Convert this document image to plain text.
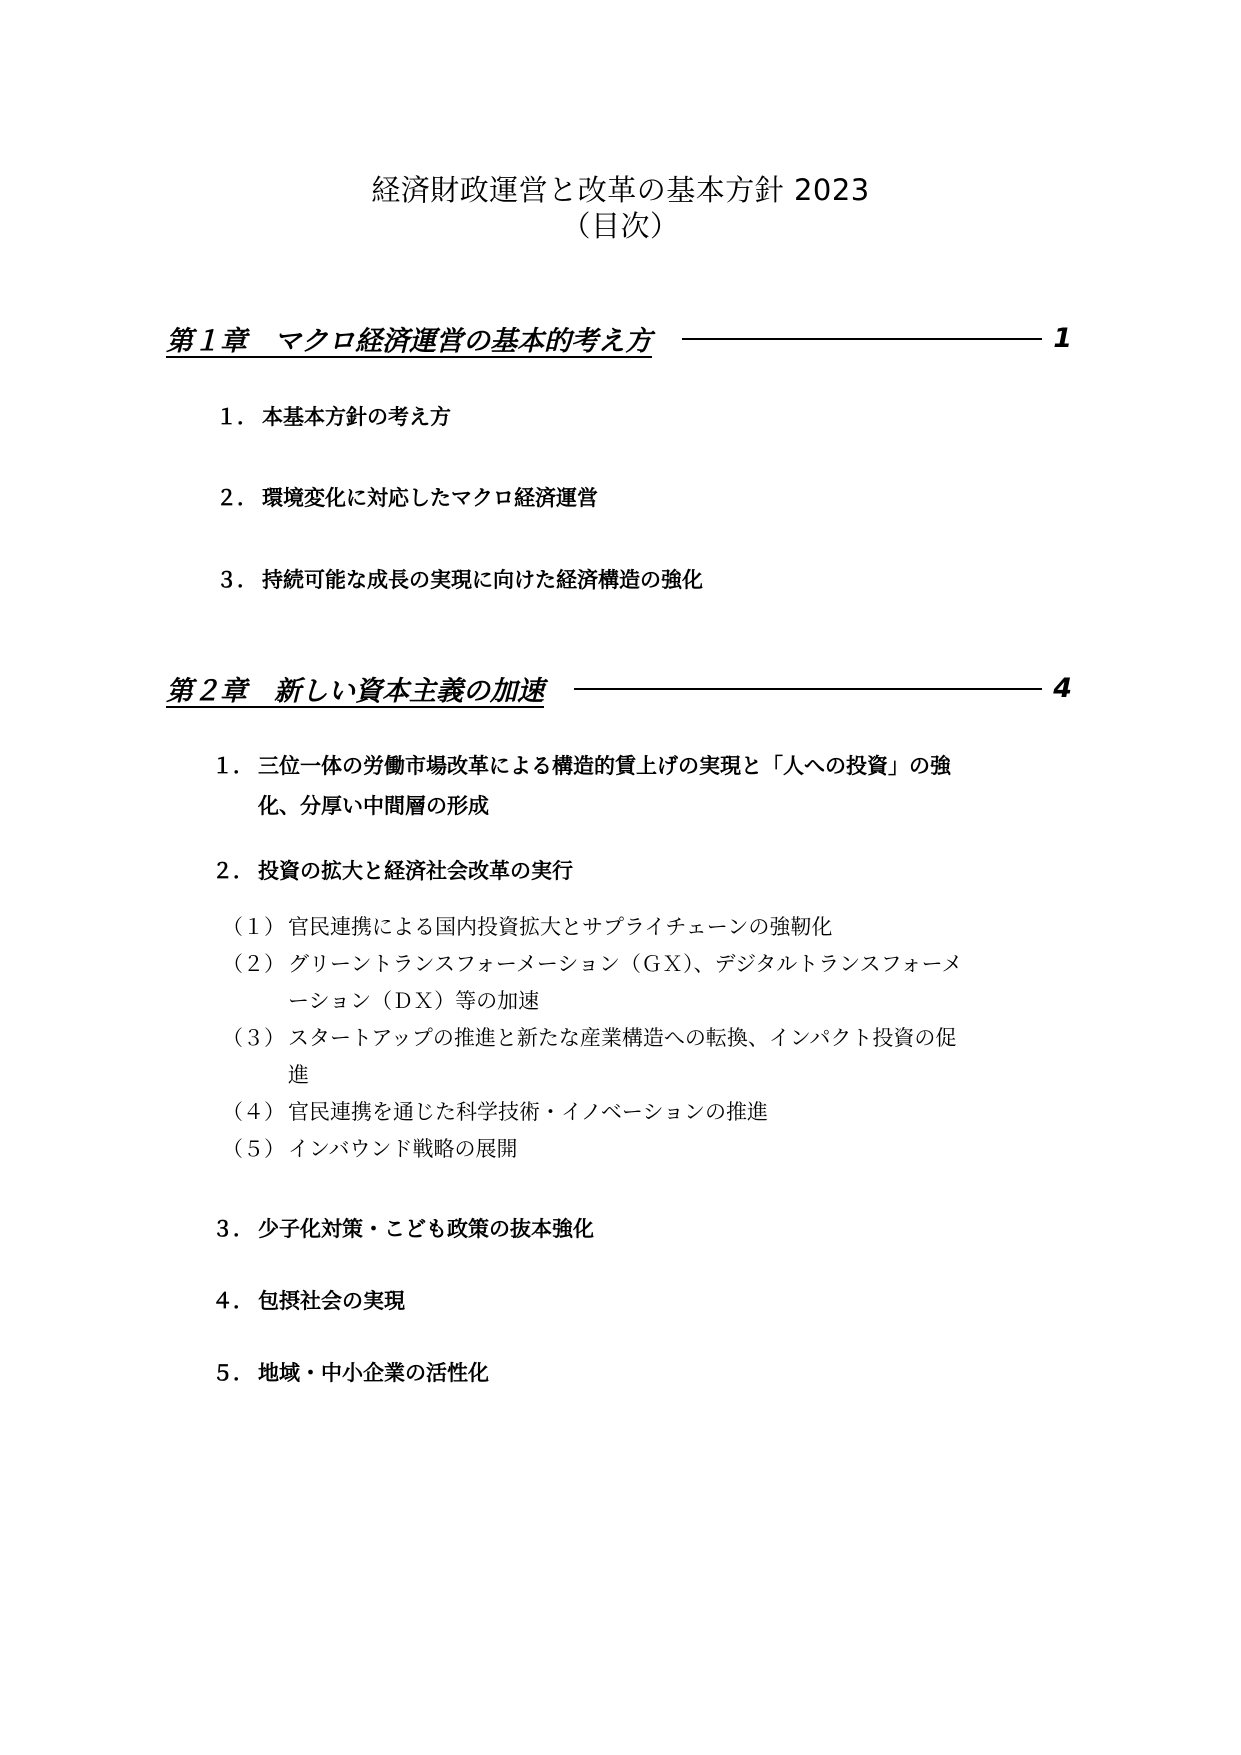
経済財政運営と改革の基本方針 2023
（目次）
第１章　マクロ経済運営の基本的考え方	1
１． 本基本方針の考え方
２． 環境変化に対応したマクロ経済運営
３． 持続可能な成長の実現に向けた経済構造の強化
第２章　新しい資本主義の加速	4
１． 三位一体の労働市場改革による構造的賃上げの実現と「人への投資」の強
化、分厚い中間層の形成
２． 投資の拡大と経済社会改革の実行
（１） 官民連携による国内投資拡大とサプライチェーンの強靭化
（２） グリーントランスフォーメーション（ＧＸ）、デジタルトランスフォーメ
ーション（ＤＸ）等の加速
（３） スタートアップの推進と新たな産業構造への転換、インパクト投資の促
進
（４） 官民連携を通じた科学技術・イノベーションの推進
（５） インバウンド戦略の展開
３． 少子化対策・こども政策の抜本強化
４． 包摂社会の実現
５． 地域・中小企業の活性化
